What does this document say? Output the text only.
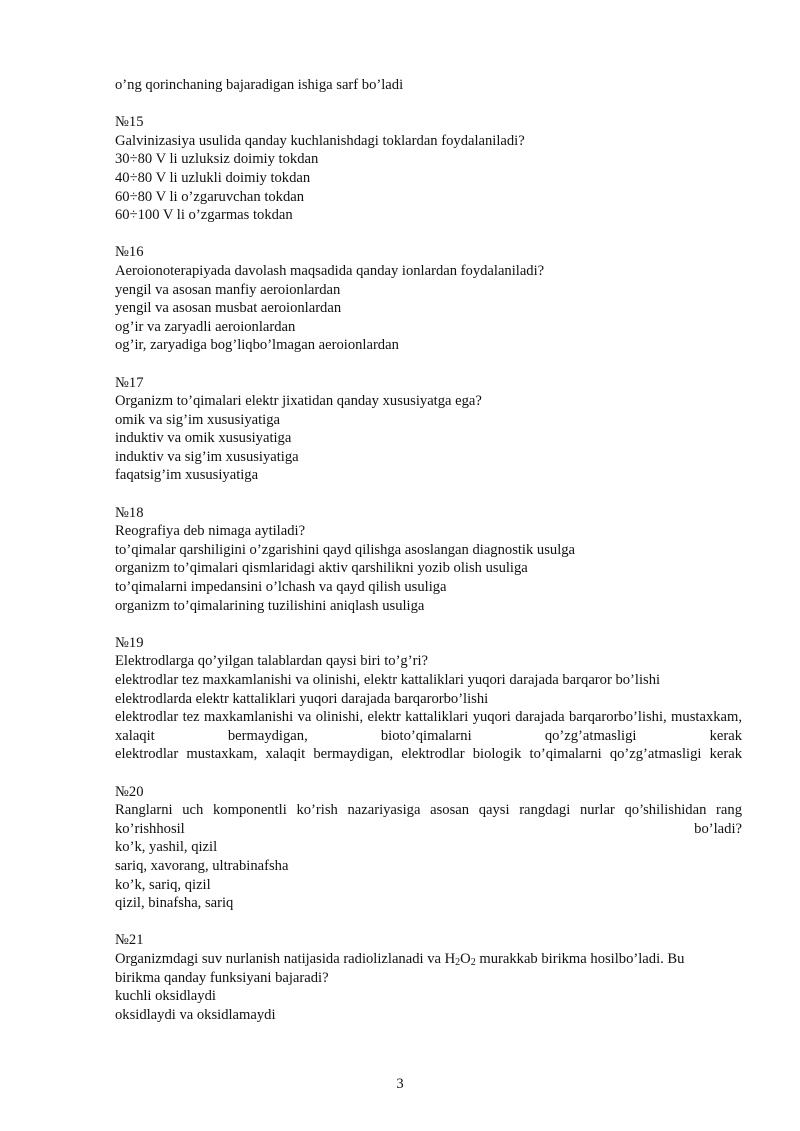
o’ng qorinchaning bajaradigan ishiga sarf bo’ladi
№15
Galvinizasiya usulida qanday kuchlanishdagi toklardan foydalaniladi?
30÷80 V li uzluksiz doimiy tokdan
40÷80 V li uzlukli doimiy tokdan
60÷80 V li o’zgaruvchan tokdan
60÷100 V li o’zgarmas tokdan
№16
Aeroionoterapiyada davolash maqsadida qanday ionlardan foydalaniladi?
yengil va asosan manfiy aeroionlardan
yengil va asosan musbat aeroionlardan
og’ir va zaryadli aeroionlardan
og’ir, zaryadiga bog’liqbo’lmagan aeroionlardan
№17
Organizm to’qimalari elektr jixatidan qanday xususiyatga ega?
omik va sig’im xususiyatiga
induktiv va omik xususiyatiga
induktiv va sig’im xususiyatiga
faqatsig’im xususiyatiga
№18
Reografiya deb nimaga aytiladi?
to’qimalar qarshiligini o’zgarishini qayd qilishga asoslangan diagnostik usulga
organizm to’qimalari qismlaridagi aktiv qarshilikni yozib olish usuliga
to’qimalarni impedansini o’lchash va qayd qilish usuliga
organizm to’qimalarining tuzilishini aniqlash usuliga
№19
Elektrodlarga qo’yilgan talablardan qaysi biri to’g’ri?
elektrodlar tez maxkamlanishi va olinishi, elektr kattaliklari yuqori darajada barqaror bo’lishi
elektrodlarda elektr kattaliklari yuqori darajada barqarorbo’lishi
elektrodlar tez maxkamlanishi va olinishi, elektr kattaliklari yuqori darajada barqarorbo’lishi, mustaxkam, xalaqit bermaydigan, bioto’qimalarni qo’zg’atmasligi kerak
elektrodlar mustaxkam, xalaqit bermaydigan, elektrodlar biologik to’qimalarni qo’zg’atmasligi kerak
№20
Ranglarni uch komponentli ko’rish nazariyasiga asosan qaysi rangdagi nurlar qo’shilishidan rang ko’rishhosil bo’ladi?
ko’k, yashil, qizil
sariq, xavorang, ultrabinafsha
ko’k, sariq, qizil
qizil, binafsha, sariq
№21
Organizmdagi suv nurlanish natijasida radiolizlanadi va $H_2O_2$ murakkab birikma hosilbo’ladi. Bu
birikma qanday funksiyani bajaradi?
kuchli oksidlaydi
oksidlaydi va oksidlamaydi
3
